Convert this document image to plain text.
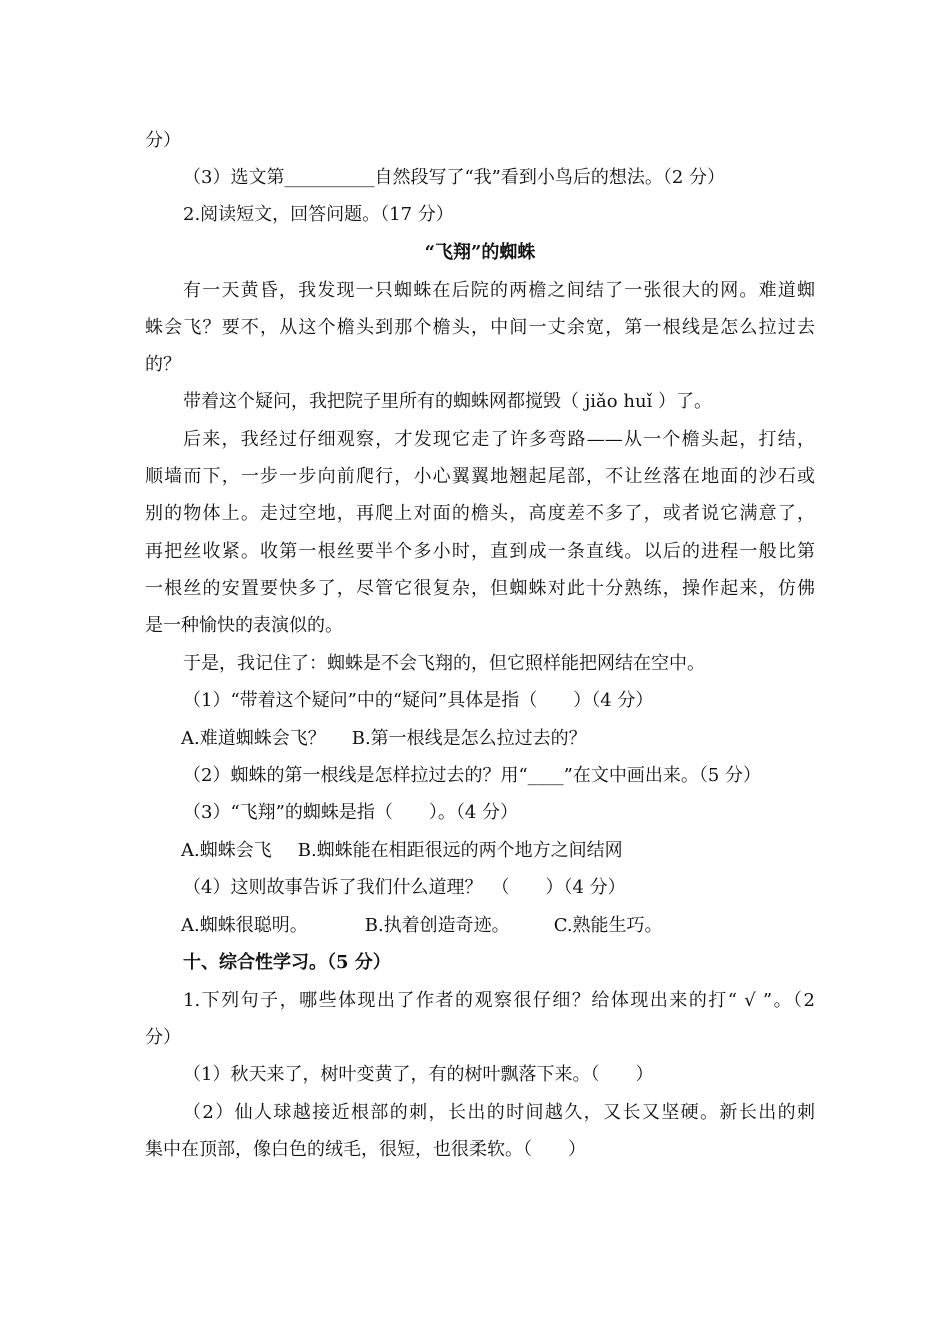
分）
（3）选文第__________自然段写了“我”看到小鸟后的想法。（2 分）
2.阅读短文，回答问题。（17 分）
“飞翔”的蜘蛛
有一天黄昏，我发现一只蜘蛛在后院的两檐之间结了一张很大的网。难道蜘
蛛会飞？要不，从这个檐头到那个檐头，中间一丈余宽，第一根线是怎么拉过去
的？
带着这个疑问，我把院子里所有的蜘蛛网都搅毁（ jiǎo huǐ ）了。
后来，我经过仔细观察，才发现它走了许多弯路——从一个檐头起，打结，
顺墙而下，一步一步向前爬行，小心翼翼地翘起尾部，不让丝落在地面的沙石或
别的物体上。走过空地，再爬上对面的檐头，高度差不多了，或者说它满意了，
再把丝收紧。收第一根丝要半个多小时，直到成一条直线。以后的进程一般比第
一根丝的安置要快多了，尽管它很复杂，但蜘蛛对此十分熟练，操作起来，仿佛
是一种愉快的表演似的。
于是，我记住了：蜘蛛是不会飞翔的，但它照样能把网结在空中。
（1）“带着这个疑问”中的“疑问”具体是指（　　）（4 分）
A.难道蜘蛛会飞？ B.第一根线是怎么拉过去的？
（2）蜘蛛的第一根线是怎样拉过去的？用“____”在文中画出来。（5 分）
（3）“飞翔”的蜘蛛是指（　　）。（4 分）
A.蜘蛛会飞 B.蜘蛛能在相距很远的两个地方之间结网
（4）这则故事告诉了我们什么道理？　（　　）（4 分）
A.蜘蛛很聪明。	B.执着创造奇迹。 C.熟能生巧。
十、综合性学习。（5 分）
1.下列句子，哪些体现出了作者的观察很仔细？给体现出来的打“ √ ”。（2
分）
（1）秋天来了，树叶变黄了，有的树叶飘落下来。（　　）
（2）仙人球越接近根部的刺，长出的时间越久，又长又坚硬。新长出的刺
集中在顶部，像白色的绒毛，很短，也很柔软。（　　）
